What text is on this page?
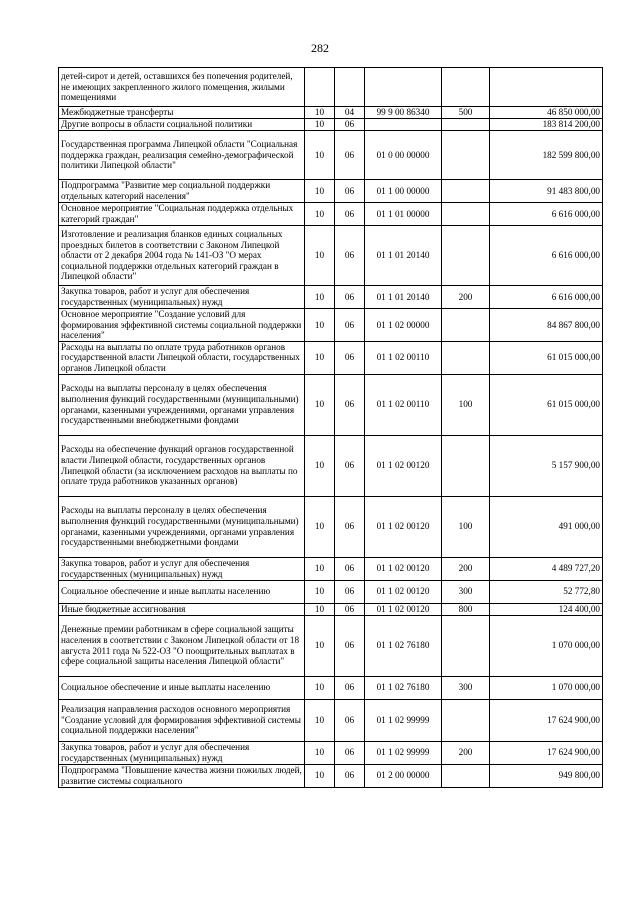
282
детей-сирот и детей, оставшихся без попечения родителей, не имеющих закрепленного жилого помещения, жилыми помещениями					
Межбюджетные трансферты	10	04	99 9 00 86340	500	46 850 000,00
Другие вопросы в области социальной политики	10	06			183 814 200,00
Государственная программа Липецкой области "Социальная поддержка граждан, реализация семейно-демографической политики Липецкой области"	10	06	01 0 00 00000		182 599 800,00
Подпрограмма "Развитие мер социальной поддержки отдельных категорий населения"	10	06	01 1 00 00000		91 483 800,00
Основное мероприятие "Социальная поддержка отдельных категорий граждан"	10	06	01 1 01 00000		6 616 000,00
Изготовление и реализация бланков единых социальных проездных билетов в соответствии с Законом Липецкой области от 2 декабря 2004 года № 141-ОЗ "О мерах социальной поддержки отдельных категорий граждан в Липецкой области"	10	06	01 1 01 20140		6 616 000,00
Закупка товаров, работ и услуг для обеспечения государственных (муниципальных) нужд	10	06	01 1 01 20140	200	6 616 000,00
Основное мероприятие "Создание условий для формирования эффективной системы социальной поддержки населения"	10	06	01 1 02 00000		84 867 800,00
Расходы на выплаты по оплате труда работников органов государственной власти Липецкой области, государственных органов Липецкой области	10	06	01 1 02 00110		61 015 000,00
Расходы на выплаты персоналу в целях обеспечения выполнения функций государственными (муниципальными) органами, казенными учреждениями, органами управления государственными внебюджетными фондами	10	06	01 1 02 00110	100	61 015 000,00
Расходы на обеспечение функций органов государственной власти Липецкой области, государственных органов Липецкой области (за исключением расходов на выплаты по оплате труда работников указанных органов)	10	06	01 1 02 00120		5 157 900,00
Расходы на выплаты персоналу в целях обеспечения выполнения функций государственными (муниципальными) органами, казенными учреждениями, органами управления государственными внебюджетными фондами	10	06	01 1 02 00120	100	491 000,00
Закупка товаров, работ и услуг для обеспечения государственных (муниципальных) нужд	10	06	01 1 02 00120	200	4 489 727,20
Социальное обеспечение и иные выплаты населению	10	06	01 1 02 00120	300	52 772,80
Иные бюджетные ассигнования	10	06	01 1 02 00120	800	124 400,00
Денежные премии работникам в сфере социальной защиты населения в соответствии с Законом Липецкой области от 18 августа 2011 года № 522-ОЗ "О поощрительных выплатах в сфере социальной защиты населения Липецкой области"	10	06	01 1 02 76180		1 070 000,00
Социальное обеспечение и иные выплаты населению	10	06	01 1 02 76180	300	1 070 000,00
Реализация направления расходов основного мероприятия "Создание условий для формирования эффективной системы социальной поддержки населения"	10	06	01 1 02 99999		17 624 900,00
Закупка товаров, работ и услуг для обеспечения государственных (муниципальных) нужд	10	06	01 1 02 99999	200	17 624 900,00
Подпрограмма "Повышение качества жизни пожилых людей, развитие системы социального	10	06	01 2 00 00000		949 800,00
